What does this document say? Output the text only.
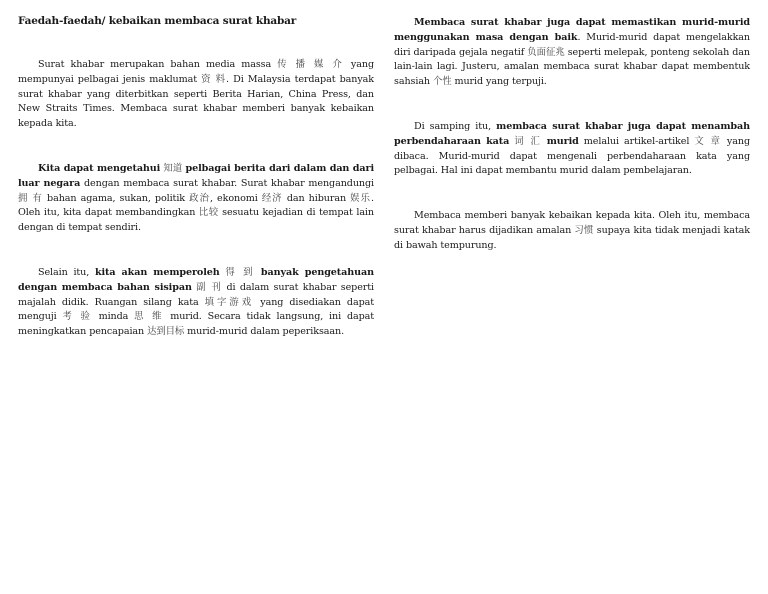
Faedah-faedah/ kebaikan membaca surat khabar

Surat khabar merupakan bahan media massa 传 播 媒 介 yang mempunyai pelbagai jenis maklumat 资 料. Di Malaysia terdapat banyak surat khabar yang diterbitkan seperti Berita Harian, China Press, dan New Straits Times. Membaca surat khabar memberi banyak kebaikan kepada kita.

Kita dapat mengetahui 知道 pelbagai berita dari dalam dan dari luar negara dengan membaca surat khabar. Surat khabar mengandungi 拥 有 bahan agama, sukan, politik 政治, ekonomi 经济 dan hiburan 娱乐. Oleh itu, kita dapat membandingkan 比较 sesuatu kejadian di tempat lain dengan di tempat sendiri.

Selain itu, kita akan memperoleh 得 到 banyak pengetahuan dengan membaca bahan sisipan 副 刊 di dalam surat khabar seperti majalah didik. Ruangan silang kata 填字游戏 yang disediakan dapat menguji 考 验 minda 思 维 murid. Secara tidak langsung, ini dapat meningkatkan pencapaian 达到目标 murid-murid dalam peperiksaan.

Membaca surat khabar juga dapat memastikan murid-murid menggunakan masa dengan baik. Murid-murid dapat mengelakkan diri daripada gejala negatif 负面征兆 seperti melepak, ponteng sekolah dan lain-lain lagi. Justeru, amalan membaca surat khabar dapat membentuk sahsiah 个性 murid yang terpuji.

Di samping itu, membaca surat khabar juga dapat menambah perbendaharaan kata 词 汇 murid melalui artikel-artikel 文 章 yang dibaca. Murid-murid dapat mengenali perbendaharaan kata yang pelbagai. Hal ini dapat membantu murid dalam pembelajaran.

Membaca memberi banyak kebaikan kepada kita. Oleh itu, membaca surat khabar harus dijadikan amalan 习惯 supaya kita tidak menjadi katak di bawah tempurung.
